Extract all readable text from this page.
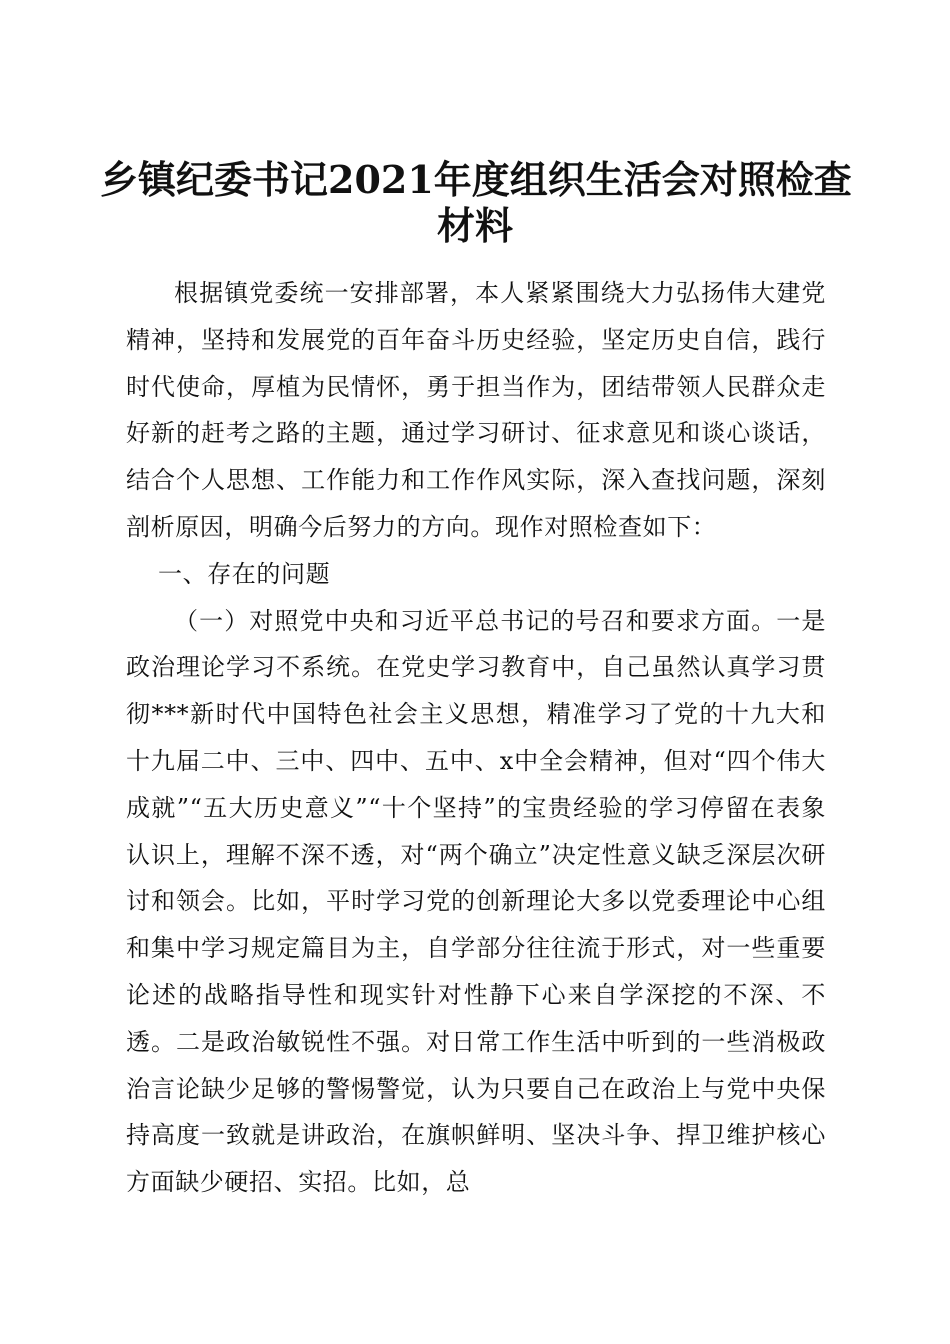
乡镇纪委书记2021年度组织生活会对照检查
材料

根据镇党委统一安排部署，本人紧紧围绕大力弘扬伟大建党精神，坚持和发展党的百年奋斗历史经验，坚定历史自信，践行时代使命，厚植为民情怀，勇于担当作为，团结带领人民群众走好新的赶考之路的主题，通过学习研讨、征求意见和谈心谈话，结合个人思想、工作能力和工作作风实际，深入查找问题，深刻剖析原因，明确今后努力的方向。现作对照检查如下：

一、存在的问题

（一）对照党中央和习近平总书记的号召和要求方面。一是政治理论学习不系统。在党史学习教育中，自己虽然认真学习贯彻***新时代中国特色社会主义思想，精准学习了党的十九大和十九届二中、三中、四中、五中、x中全会精神，但对“四个伟大成就”“五大历史意义”“十个坚持”的宝贵经验的学习停留在表象认识上，理解不深不透，对“两个确立”决定性意义缺乏深层次研讨和领会。比如，平时学习党的创新理论大多以党委理论中心组和集中学习规定篇目为主，自学部分往往流于形式，对一些重要论述的战略指导性和现实针对性静下心来自学深挖的不深、不透。二是政治敏锐性不强。对日常工作生活中听到的一些消极政治言论缺少足够的警惕警觉，认为只要自己在政治上与党中央保持高度一致就是讲政治，在旗帜鲜明、坚决斗争、捍卫维护核心方面缺少硬招、实招。比如，总
